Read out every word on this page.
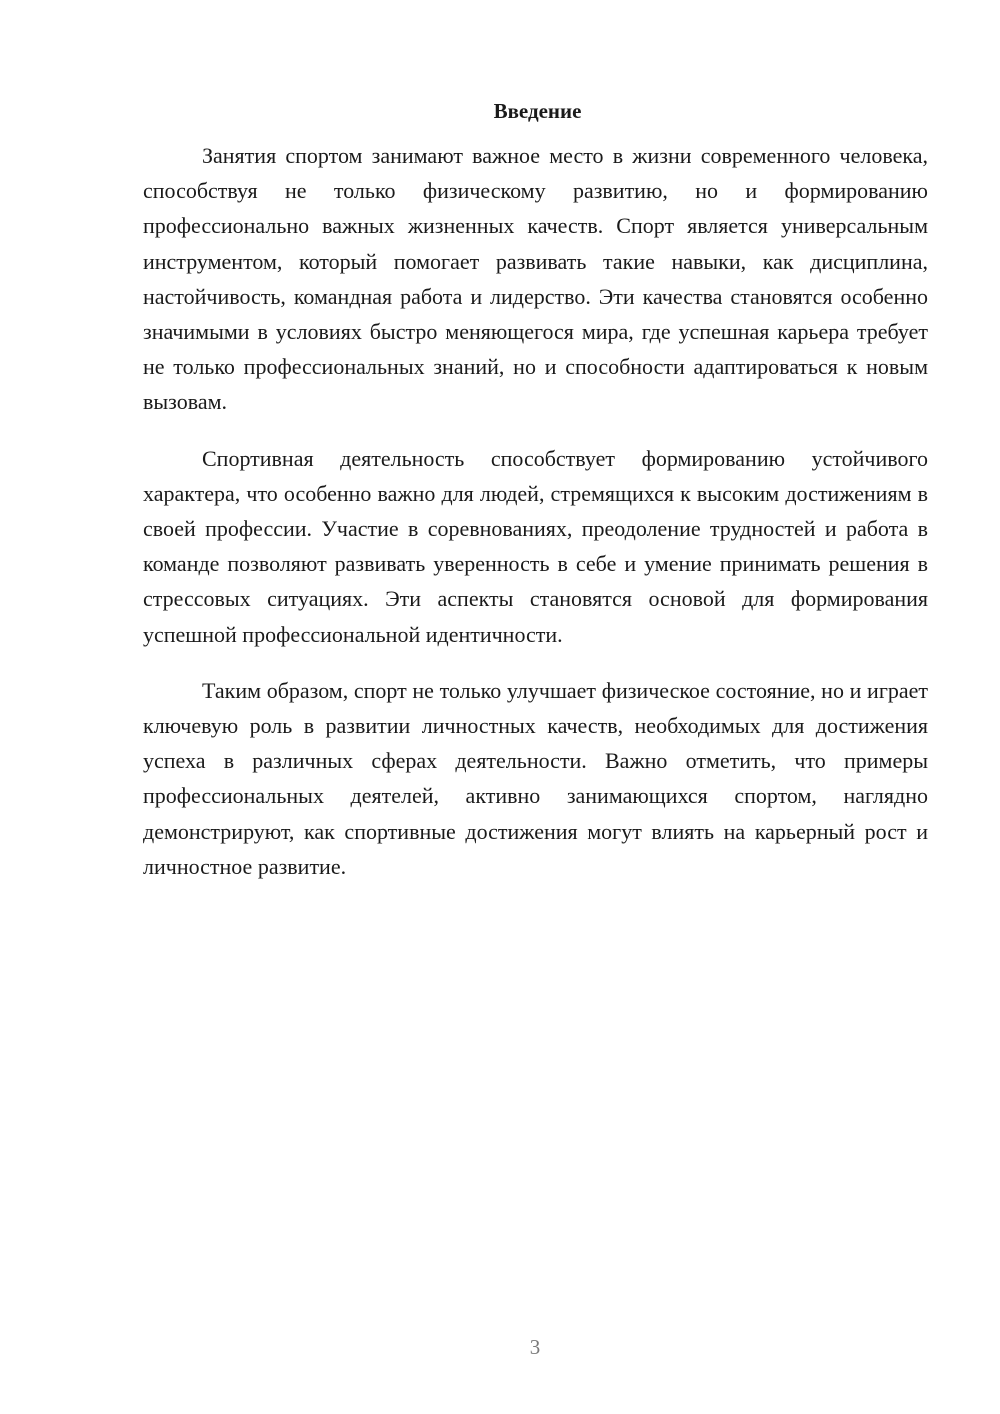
Введение

Занятия спортом занимают важное место в жизни современного человека, способствуя не только физическому развитию, но и формированию профессионально важных жизненных качеств. Спорт является универсальным инструментом, который помогает развивать такие навыки, как дисциплина, настойчивость, командная работа и лидерство. Эти качества становятся особенно значимыми в условиях быстро меняющегося мира, где успешная карьера требует не только профессиональных знаний, но и способности адаптироваться к новым вызовам.

Спортивная деятельность способствует формированию устойчивого характера, что особенно важно для людей, стремящихся к высоким достижениям в своей профессии. Участие в соревнованиях, преодоление трудностей и работа в команде позволяют развивать уверенность в себе и умение принимать решения в стрессовых ситуациях. Эти аспекты становятся основой для формирования успешной профессиональной идентичности.

Таким образом, спорт не только улучшает физическое состояние, но и играет ключевую роль в развитии личностных качеств, необходимых для достижения успеха в различных сферах деятельности. Важно отметить, что примеры профессиональных деятелей, активно занимающихся спортом, наглядно демонстрируют, как спортивные достижения могут влиять на карьерный рост и личностное развитие.

3
